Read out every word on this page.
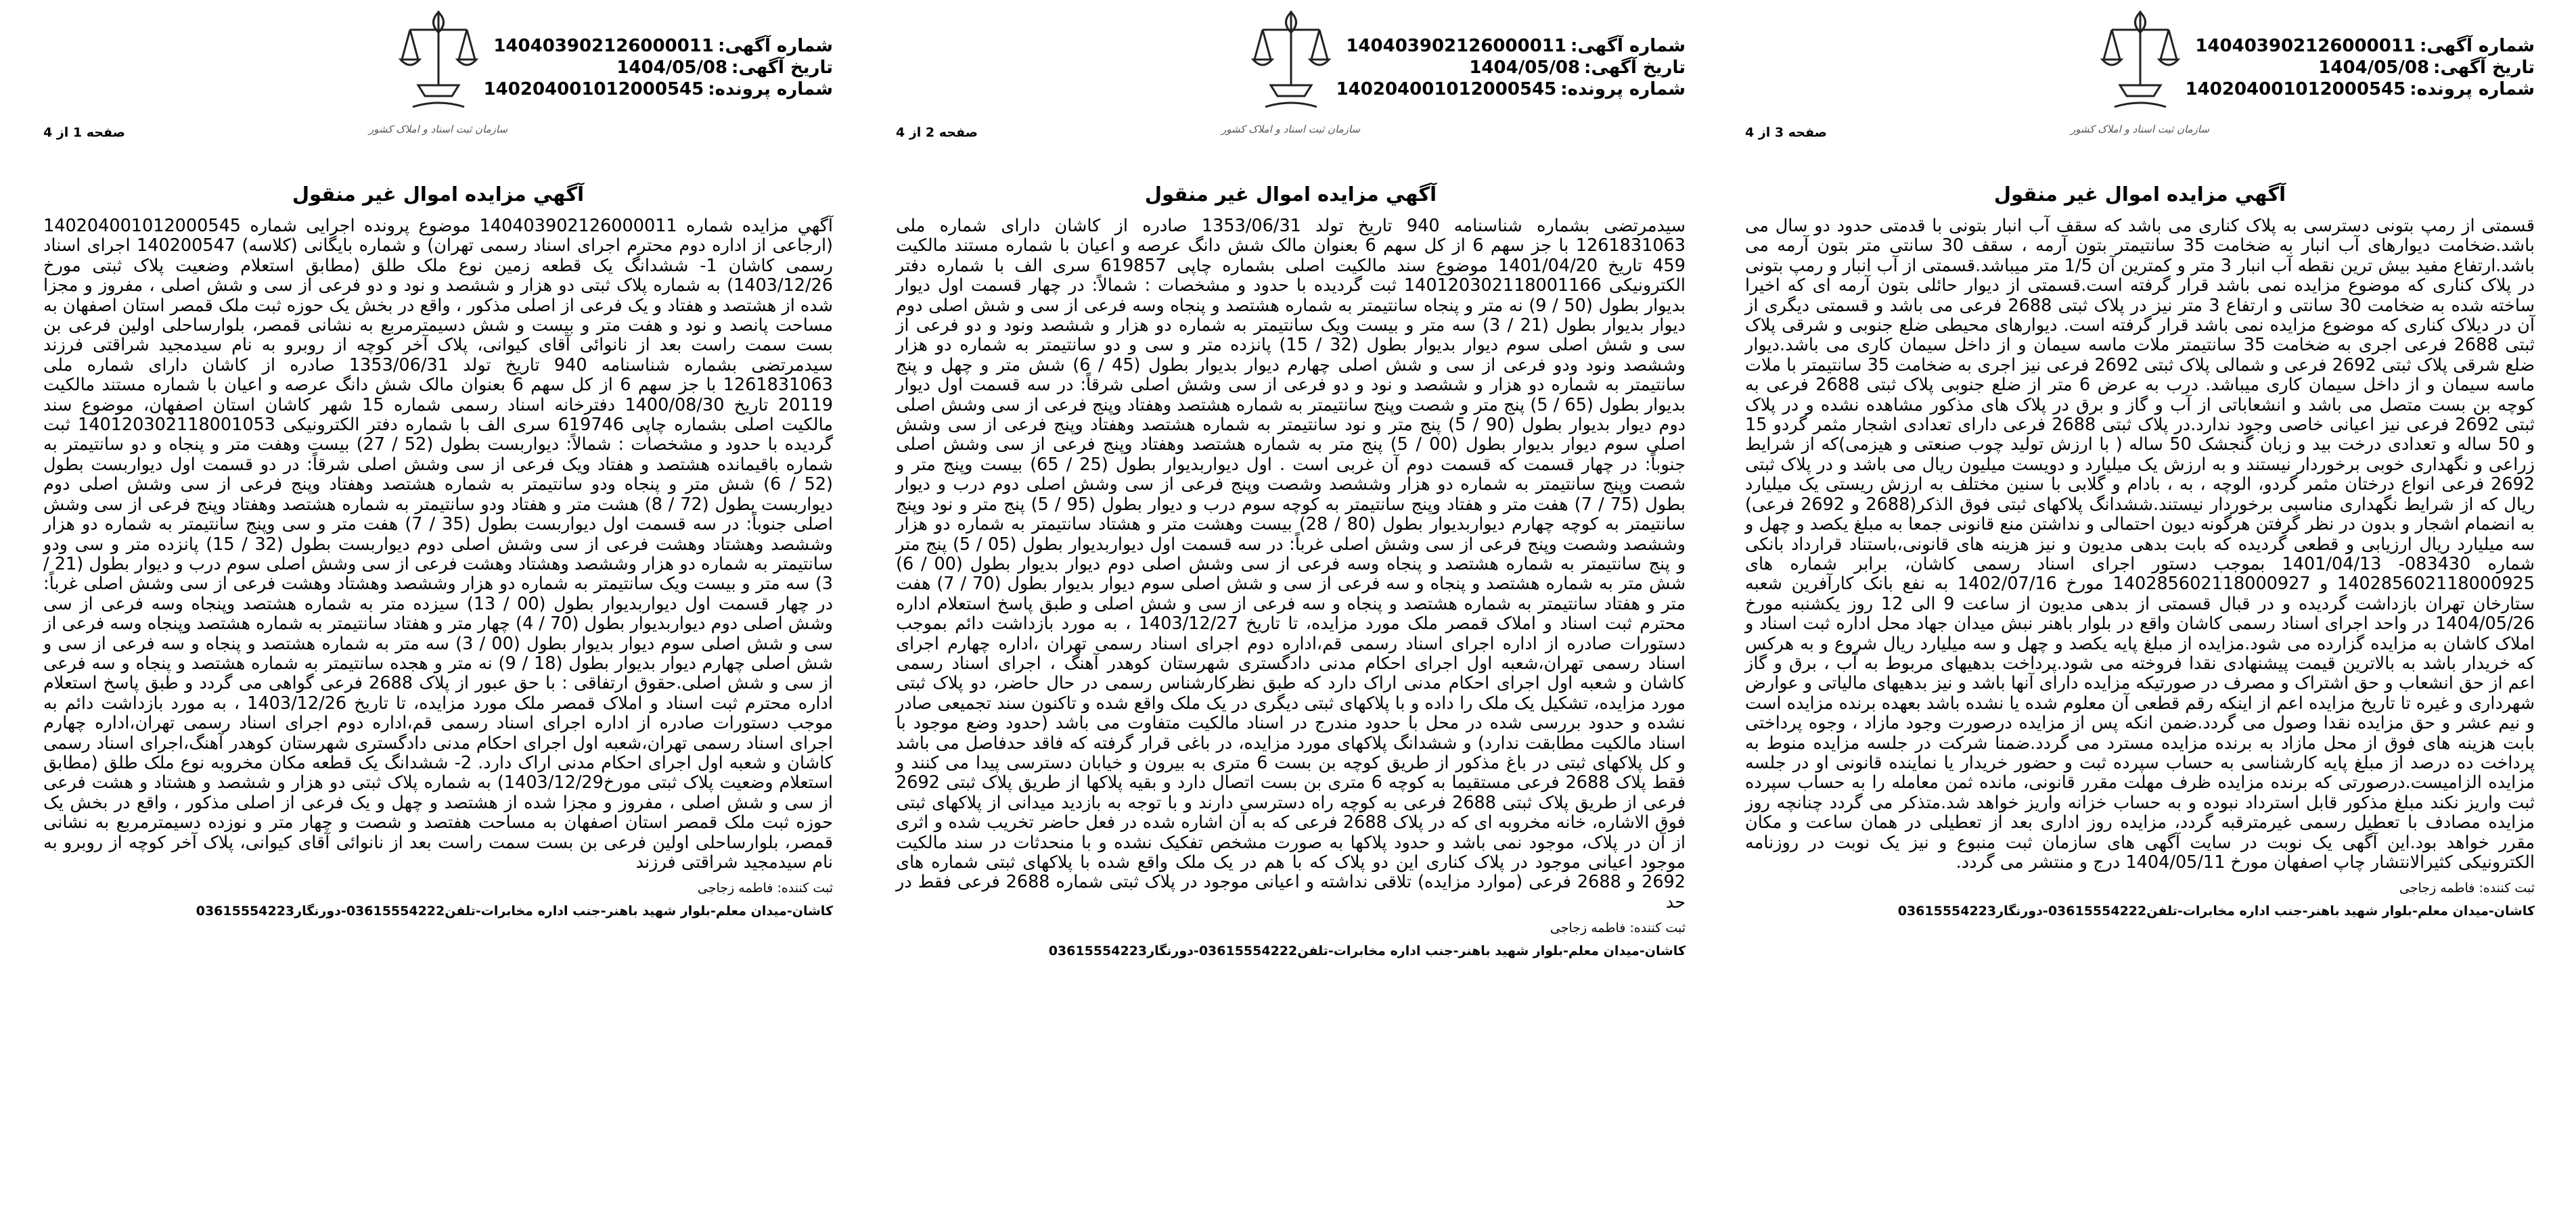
شماره آگهی:140403902126000011
تاریخ آگهی:1404/05/08
شماره پرونده:140204001012000545
سازمان ثبت اسناد و املاک کشور
صفحه 3 از 4
آگهي مزايده اموال غير منقول

قسمتی از رمپ بتونی دسترسی به پلاک کناری می باشد که سقف آب انبار بتونی با قدمتی حدود دو سال می باشد.ضخامت دیوارهای آب انبار به ضخامت 35 سانتیمتر بتون آرمه ، سقف 30 سانتی متر بتون آرمه می باشد.ارتفاع مفید بیش ترین نقطه آب انبار 3 متر و کمترین آن 1/5 متر میباشد.قسمتی از آب انبار و رمپ بتونی در پلاک کناری که موضوع مزایده نمی باشد قرار گرفته است.قسمتی از دیوار حائلی بتون آرمه ای که اخیرا ساخته شده به ضخامت 30 سانتی و ارتفاع 3 متر نیز در پلاک ثبتی 2688 فرعی می باشد و قسمتی دیگری از آن در دیلاک کناری که موضوع مزایده نمی باشد قرار گرفته است. دیوارهای محیطی ضلع جنوبی و شرقی پلاک ثبتی 2688 فرعی اجری به ضخامت 35 سانتیمتر ملات ماسه سیمان و از داخل سیمان کاری می باشد.دیوار ضلع شرقی پلاک ثبتی 2692 فرعی و شمالی پلاک ثبتی 2692 فرعی نیز اجری به ضخامت 35 سانتیمتر با ملات ماسه سیمان و از داخل سیمان کاری میباشد. درب به عرض 6 متر از ضلع جنوبی پلاک ثبتی 2688 فرعی به کوچه بن بست متصل می باشد و انشعاباتی از آب و گاز و برق در پلاک های مذکور مشاهده نشده و در پلاک ثبتی 2692 فرعی نیز اعیانی خاصی وجود ندارد.در پلاک ثبتی 2688 فرعی دارای تعدادی اشجار مثمر گردو 15 و 50 ساله و تعدادی درخت بید و زبان گنجشک 50 ساله ( با ارزش تولید چوب صنعتی و هیزمی)که از شرایط زراعی و نگهداری خوبی برخوردار نیستند و به ارزش یک میلیارد و دویست میلیون ریال می باشد و در پلاک ثبتی 2692 فرعی انواع درختان مثمر گردو، الوچه ، به ، بادام و گلابی با سنین مختلف به ارزش ریستی یک میلیارد ریال که از شرایط نگهداری مناسبی برخوردار نیستند.ششدانگ پلاکهای ثبتی فوق الذکر(2688 و 2692 فرعی) به انضمام اشجار و بدون در نظر گرفتن هرگونه دیون احتمالی و نداشتن منع قانونی جمعا به مبلغ یکصد و چهل و سه میلیارد ریال ارزیابی و قطعی گردیده که بابت بدهی مدیون و نیز هزینه های قانونی،باستناد قرارداد بانکی شماره 083430- 1401/04/13 بموجب دستور اجرای اسناد رسمی کاشان، برابر شماره های 140285602118000925 و 140285602118000927 مورخ 1402/07/16 به نفع بانک کارآفرین شعبه ستارخان تهران بازداشت گردیده و در قبال قسمتی از بدهی مدیون از ساعت 9 الی 12 روز یکشنبه مورخ 1404/05/26 در واحد اجرای اسناد رسمی کاشان واقع در بلوار باهنر نبش میدان جهاد محل اداره ثبت اسناد و املاک کاشان به مزایده گزارده می شود.مزایده از مبلغ پایه یکصد و چهل و سه میلیارد ریال شروع و به هرکس که خریدار باشد به بالاترین قیمت پیشنهادی نقدا فروخته می شود.پرداخت بدهیهای مربوط به آب ، برق و گاز اعم از حق انشعاب و حق اشتراک و مصرف در صورتیکه مزایده دارای آنها باشد و نیز بدهیهای مالیاتی و عوارض شهرداری و غیره تا تاریخ مزایده اعم از اینکه رقم قطعی آن معلوم شده یا نشده باشد بعهده برنده مزایده است و نیم عشر و حق مزایده نقدا وصول می گردد.ضمن انکه پس از مزایده درصورت وجود مازاد ، وجوه پرداختی بابت هزینه های فوق از محل مازاد به برنده مزایده مسترد می گردد.ضمنا شرکت در جلسه مزایده منوط به پرداخت ده درصد از مبلغ پایه کارشناسی به حساب سپرده ثبت و حضور خریدار یا نماینده قانونی او در جلسه مزایده الزامیست.درصورتی که برنده مزایده ظرف مهلت مقرر قانونی، مانده ثمن معامله را به حساب سپرده ثبت واریز نکند مبلغ مذکور قابل استرداد نبوده و به حساب خزانه واریز خواهد شد.متذکر می گردد چنانچه روز مزایده مصادف با تعطیل رسمی غیرمترقبه گردد، مزایده روز اداری بعد از تعطیلی در همان ساعت و مکان مقرر خواهد بود.این آگهی یک نوبت در سایت آگهی های سازمان ثبت منبوع و نیز یک نوبت در روزنامه الکترونیکی کثیرالانتشار چاپ اصفهان مورخ 1404/05/11 درج و منتشر می گردد.

ثبت کننده: فاطمه زجاجی
کاشان-میدان معلم-بلوار شهید باهنر-جنب اداره مخابرات-تلفن03615554222-دورنگار03615554223
شماره آگهی:140403902126000011
تاریخ آگهی:1404/05/08
شماره پرونده:140204001012000545
سازمان ثبت اسناد و املاک کشور
صفحه 2 از 4
آگهي مزايده اموال غير منقول

سیدمرتضی بشماره شناسنامه 940 تاریخ تولد 1353/06/31 صادره از کاشان دارای شماره ملی 1261831063 با جز سهم 6 از کل سهم 6 بعنوان مالک شش دانگ عرصه و اعیان با شماره مستند مالکیت 459 تاریخ 1401/04/20 موضوع سند مالکیت اصلی بشماره چاپی 619857 سری الف با شماره دفتر الکترونیکی 140120302118001166 ثبت گردیده با حدود و مشخصات : شمالاً: در چهار قسمت اول دیوار بدیوار بطول (50 / 9) نه متر و پنجاه سانتیمتر به شماره هشتصد و پنجاه وسه فرعی از سی و شش اصلی دوم دیوار بدیوار بطول (21 / 3) سه متر و بیست ویک سانتیمتر به شماره دو هزار و ششصد ونود و دو فرعی از سی و شش اصلی سوم دیوار بدیوار بطول (32 / 15) پانزده متر و سی و دو سانتیمتر به شماره دو هزار وششصد ونود ودو فرعی از سی و شش اصلی چهارم دیوار بدیوار بطول (45 / 6) شش متر و چهل و پنج سانتیمتر به شماره دو هزار و ششصد و نود و دو فرعی از سی وشش اصلی شرقاً: در سه قسمت اول دیوار بدیوار بطول (65 / 5) پنج متر و شصت وپنج سانتیمتر به شماره هشتصد وهفتاد وپنج فرعی از سی وشش اصلی دوم دیوار بدیوار بطول (90 / 5) پنج متر و نود سانتیمتر به شماره هشتصد وهفتاد وپنج فرعی از سی وشش اصلی سوم دیوار بدیوار بطول (00 / 5) پنج متر به شماره هشتصد وهفتاد وپنج فرعی از سی وشش اصلی جنوباً: در چهار قسمت که قسمت دوم آن غربی است . اول دیواربدیوار بطول (25 / 65) بیست وپنج متر و شصت وپنج سانتیمتر به شماره دو هزار وششصد وشصت وپنج فرعی از سی وشش اصلی دوم درب و دیوار بطول (75 / 7) هفت متر و هفتاد وپنج سانتیمتر به کوچه سوم درب و دیوار بطول (95 / 5) پنج متر و نود وپنج سانتیمتر به کوچه چهارم دیواربدیوار بطول (80 / 28) بیست وهشت متر و هشتاد سانتیمتر به شماره دو هزار وششصد وشصت وپنج فرعی از سی وشش اصلی غرباً: در سه قسمت اول دیواربدیوار بطول (05 / 5) پنج متر و پنج سانتیمتر به شماره هشتصد و پنجاه وسه فرعی از سی وشش اصلی دوم دیوار بدیوار بطول (00 / 6) شش متر به شماره هشتصد و پنجاه و سه فرعی از سی و شش اصلی سوم دیوار بدیوار بطول (70 / 7) هفت متر و هفتاد سانتیمتر به شماره هشتصد و پنجاه و سه فرعی از سی و شش اصلی و طبق پاسخ استعلام اداره محترم ثبت اسناد و املاک قمصر ملک مورد مزایده، تا تاریخ 1403/12/27 ، به مورد بازداشت دائم بموجب دستورات صادره از اداره اجرای اسناد رسمی قم،اداره دوم اجرای اسناد رسمی تهران ،اداره چهارم اجرای اسناد رسمی تهران،شعبه اول اجرای احکام مدنی دادگستری شهرستان کوهدر آهنگ ، اجرای اسناد رسمی کاشان و شعبه اول اجرای احکام مدنی اراک دارد که طبق نظرکارشناس رسمی در حال حاضر، دو پلاک ثبتی مورد مزایده، تشکیل یک ملک را داده و با پلاکهای ثبتی دیگری در یک ملک واقع شده و تاکنون سند تجمیعی صادر نشده و حدود بررسی شده در محل با حدود مندرج در اسناد مالکیت متفاوت می باشد (حدود وضع موجود با اسناد مالکیت مطابقت ندارد) و ششدانگ پلاکهای مورد مزایده، در باغی قرار گرفته که فاقد حدفاصل می باشد و کل پلاکهای ثبتی در باغ مذکور از طریق کوچه بن بست 6 متری به بیرون و خیابان دسترسی پیدا می کنند و فقط پلاک 2688 فرعی مستقیما به کوچه 6 متری بن بست اتصال دارد و بقیه پلاکها از طریق پلاک ثبتی 2692 فرعی از طریق پلاک ثبتی 2688 فرعی به کوچه راه دسترسی دارند و با توجه به بازدید میدانی از پلاکهای ثبتی فوق الاشاره، خانه مخروبه ای که در پلاک 2688 فرعی که به آن اشاره شده در فعل حاضر تخریب شده و اثری از آن در پلاک، موجود نمی باشد و حدود پلاکها به صورت مشخص تفکیک نشده و با منحدثات در سند مالکیت موجود اعیانی موجود در پلاک کناری این دو پلاک که با هم در یک ملک واقع شده با پلاکهای ثبتی شماره های 2692 و 2688 فرعی (موارد مزایده) تلاقی نداشته و اعیانی موجود در پلاک ثبتی شماره 2688 فرعی فقط در حد

ثبت کننده: فاطمه زجاجی
کاشان-میدان معلم-بلوار شهید باهنر-جنب اداره مخابرات-تلفن03615554222-دورنگار03615554223
شماره آگهی:140403902126000011
تاریخ آگهی:1404/05/08
شماره پرونده:140204001012000545
سازمان ثبت اسناد و املاک کشور
صفحه 1 از 4
آگهي مزايده اموال غير منقول

آگهي مزايده شماره 140403902126000011 موضوع پرونده اجرایی شماره 140204001012000545 (ارجاعی از اداره دوم محترم اجرای اسناد رسمی تهران) و شماره بایگانی (کلاسه) 140200547 اجرای اسناد رسمی کاشان 1- ششدانگ یک قطعه زمین نوع ملک طلق (مطابق استعلام وضعیت پلاک ثبتی مورخ 1403/12/26) به شماره پلاک ثبتی دو هزار و ششصد و نود و دو فرعی از سی و شش اصلی ، مفروز و مجزا شده از هشتصد و هفتاد و یک فرعی از اصلی مذکور ، واقع در بخش یک حوزه ثبت ملک قمصر استان اصفهان به مساحت پانصد و نود و هفت متر و بیست و شش دسیمترمربع به نشانی قمصر، بلوارساحلی اولین فرعی بن بست سمت راست بعد از نانوائی آقای کیوانی، پلاک آخر کوچه از روبرو به نام سیدمجید شراقتی فرزند سیدمرتضی بشماره شناسنامه 940 تاریخ تولد 1353/06/31 صادره از کاشان دارای شماره ملی 1261831063 با جز سهم 6 از کل سهم 6 بعنوان مالک شش دانگ عرصه و اعیان با شماره مستند مالکیت 20119 تاریخ 1400/08/30 دفترخانه اسناد رسمی شماره 15 شهر کاشان استان اصفهان، موضوع سند مالکیت اصلی بشماره چاپی 619746 سری الف با شماره دفتر الکترونیکی 140120302118001053 ثبت گردیده با حدود و مشخصات : شمالاً: دیواربست بطول (52 / 27) بیست وهفت متر و پنجاه و دو سانتیمتر به شماره باقیمانده هشتصد و هفتاد ویک فرعی از سی وشش اصلی شرقاً: در دو قسمت اول دیواربست بطول (52 / 6) شش متر و پنجاه ودو سانتیمتر به شماره هشتصد وهفتاد وپنج فرعی از سی وشش اصلی دوم دیواربست بطول (72 / 8) هشت متر و هفتاد ودو سانتیمتر به شماره هشتصد وهفتاد وپنج فرعی از سی وشش اصلی جنوباً: در سه قسمت اول دیواربست بطول (35 / 7) هفت متر و سی وپنج سانتیمتر به شماره دو هزار وششصد وهشتاد وهشت فرعی از سی وشش اصلی دوم دیواربست بطول (32 / 15) پانزده متر و سی ودو سانتیمتر به شماره دو هزار وششصد وهشتاد وهشت فرعی از سی وشش اصلی سوم درب و دیوار بطول (21 / 3) سه متر و بیست ویک سانتیمتر به شماره دو هزار وششصد وهشتاد وهشت فرعی از سی وشش اصلی غرباً: در چهار قسمت اول دیواربدیوار بطول (00 / 13) سیزده متر به شماره هشتصد وپنجاه وسه فرعی از سی وشش اصلی دوم دیواربدیوار بطول (70 / 4) چهار متر و هفتاد سانتیمتر به شماره هشتصد وپنجاه وسه فرعی از سی و شش اصلی سوم دیوار بدیوار بطول (00 / 3) سه متر به شماره هشتصد و پنجاه و سه فرعی از سی و شش اصلی چهارم دیوار بدیوار بطول (18 / 9) نه متر و هجده سانتیمتر به شماره هشتصد و پنجاه و سه فرعی از سی و شش اصلی.حقوق ارتفاقی : با حق عبور از پلاک 2688 فرعی گواهی می گردد و طبق پاسخ استعلام اداره محترم ثبت اسناد و املاک قمصر ملک مورد مزایده، تا تاریخ 1403/12/26 ، به مورد بازداشت دائم به موجب دستورات صادره از اداره اجرای اسناد رسمی قم،اداره دوم اجرای اسناد رسمی تهران،اداره چهارم اجرای اسناد رسمی تهران،شعبه اول اجرای احکام مدنی دادگستری شهرستان کوهدر آهنگ،اجرای اسناد رسمی کاشان و شعبه اول اجرای احکام مدنی اراک دارد. 2- ششدانگ یک قطعه مکان مخروبه نوع ملک طلق (مطابق استعلام وضعیت پلاک ثبتی مورخ1403/12/29) به شماره پلاک ثبتی دو هزار و ششصد و هشتاد و هشت فرعی از سی و شش اصلی ، مفروز و مجزا شده از هشتصد و چهل و یک فرعی از اصلی مذکور ، واقع در بخش یک حوزه ثبت ملک قمصر استان اصفهان به مساحت هفتصد و شصت و چهار متر و نوزده دسیمترمربع به نشانی قمصر، بلوارساحلی اولین فرعی بن بست سمت راست بعد از نانوائی آقای کیوانی، پلاک آخر کوچه از روبرو به نام سیدمجید شراقتی فرزند

ثبت کننده: فاطمه زجاجی
کاشان-میدان معلم-بلوار شهید باهنر-جنب اداره مخابرات-تلفن03615554222-دورنگار03615554223
